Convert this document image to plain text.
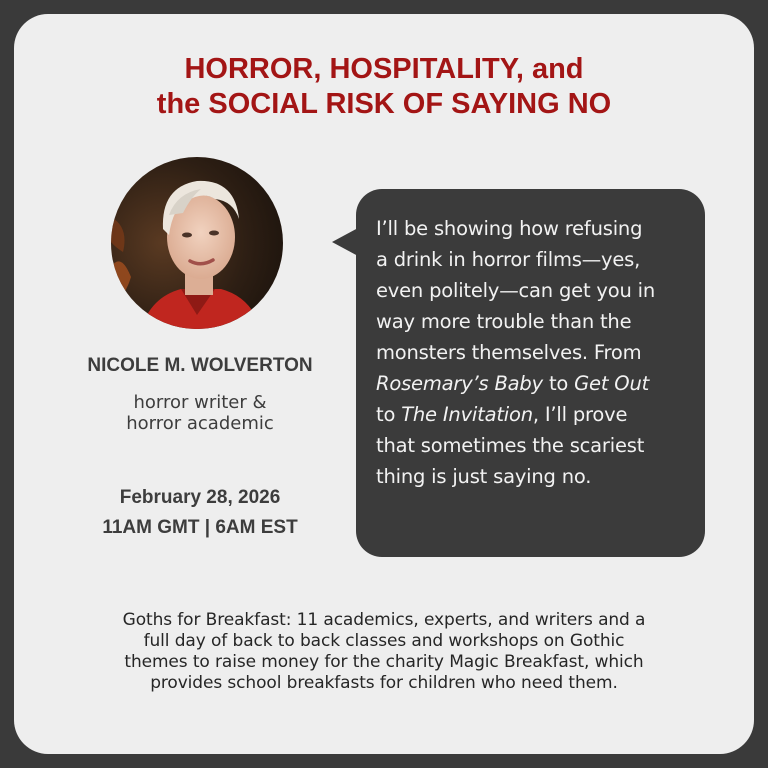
HORROR, HOSPITALITY, and
the SOCIAL RISK OF SAYING NO
NICOLE M. WOLVERTON
horror writer &
horror academic
February 28, 2026
11AM GMT | 6AM EST
I’ll be showing how refusing
a drink in horror films—yes,
even politely—can get you in
way more trouble than the
monsters themselves. From
Rosemary’s Baby to Get Out
to The Invitation, I’ll prove
that sometimes the scariest
thing is just saying no.
Goths for Breakfast: 11 academics, experts, and writers and a
full day of back to back classes and workshops on Gothic
themes to raise money for the charity Magic Breakfast, which
provides school breakfasts for children who need them.
